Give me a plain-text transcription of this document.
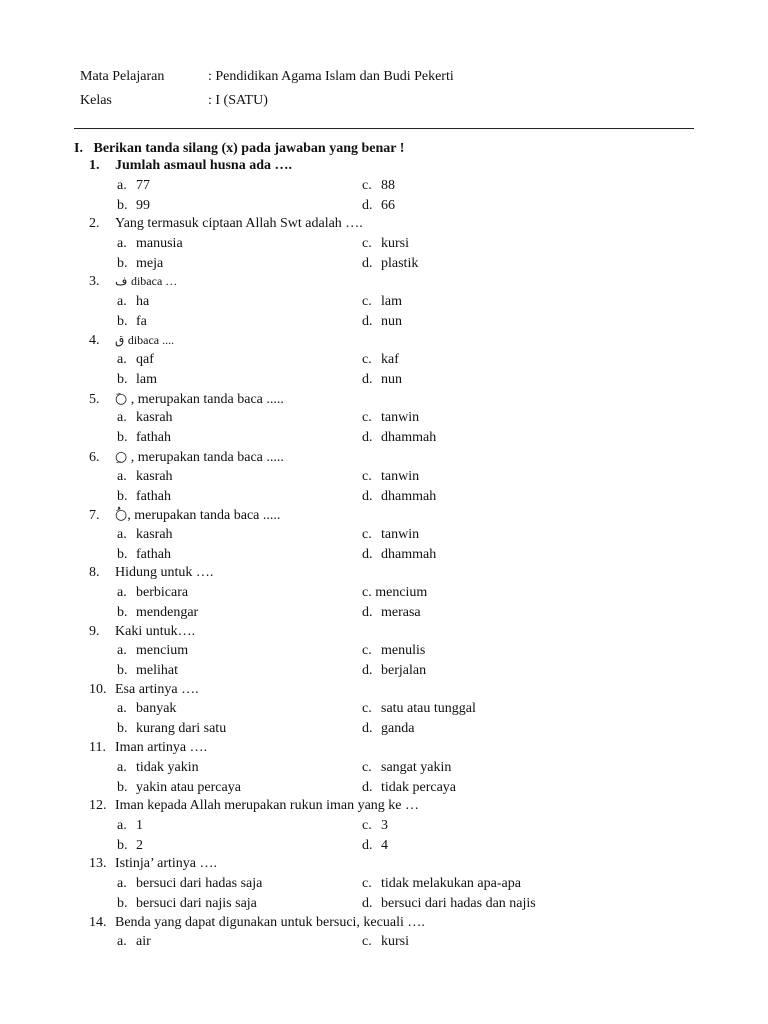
Mata Pelajaran	: Pendidikan Agama Islam dan Budi Pekerti
Kelas	: I (SATU)
I. Berikan tanda silang (x) pada jawaban yang benar !
1. Jumlah asmaul husna ada ….
a. 77	c. 88
b. 99	d. 66
2. Yang termasuk ciptaan Allah Swt adalah ….
a. manusia	c. kursi
b. meja	d. plastik
3. ف dibaca …
a. ha	c. lam
b. fa	d. nun
4. ق dibaca ....
a. qaf	c. kaf
b. lam	d. nun
5. ○َ , merupakan tanda baca .....
a. kasrah	c. tanwin
b. fathah	d. dhammah
6. ○ِ , merupakan tanda baca .....
a. kasrah	c. tanwin
b. fathah	d. dhammah
7. ○ُ, merupakan tanda baca .....
a. kasrah	c. tanwin
b. fathah	d. dhammah
8. Hidung untuk ….
a. berbicara	c. mencium
b. mendengar	d. merasa
9. Kaki untuk….
a. mencium	c. menulis
b. melihat	d. berjalan
10. Esa artinya ….
a. banyak	c. satu atau tunggal
b. kurang dari satu	d. ganda
11. Iman artinya ….
a. tidak yakin	c. sangat yakin
b. yakin atau percaya	d. tidak percaya
12. Iman kepada Allah merupakan rukun iman yang ke …
a. 1	c. 3
b. 2	d. 4
13. Istinja’ artinya ….
a. bersuci dari hadas saja	c. tidak melakukan apa-apa
b. bersuci dari najis saja	d. bersuci dari hadas dan najis
14. Benda yang dapat digunakan untuk bersuci, kecuali ….
a. air	c. kursi
